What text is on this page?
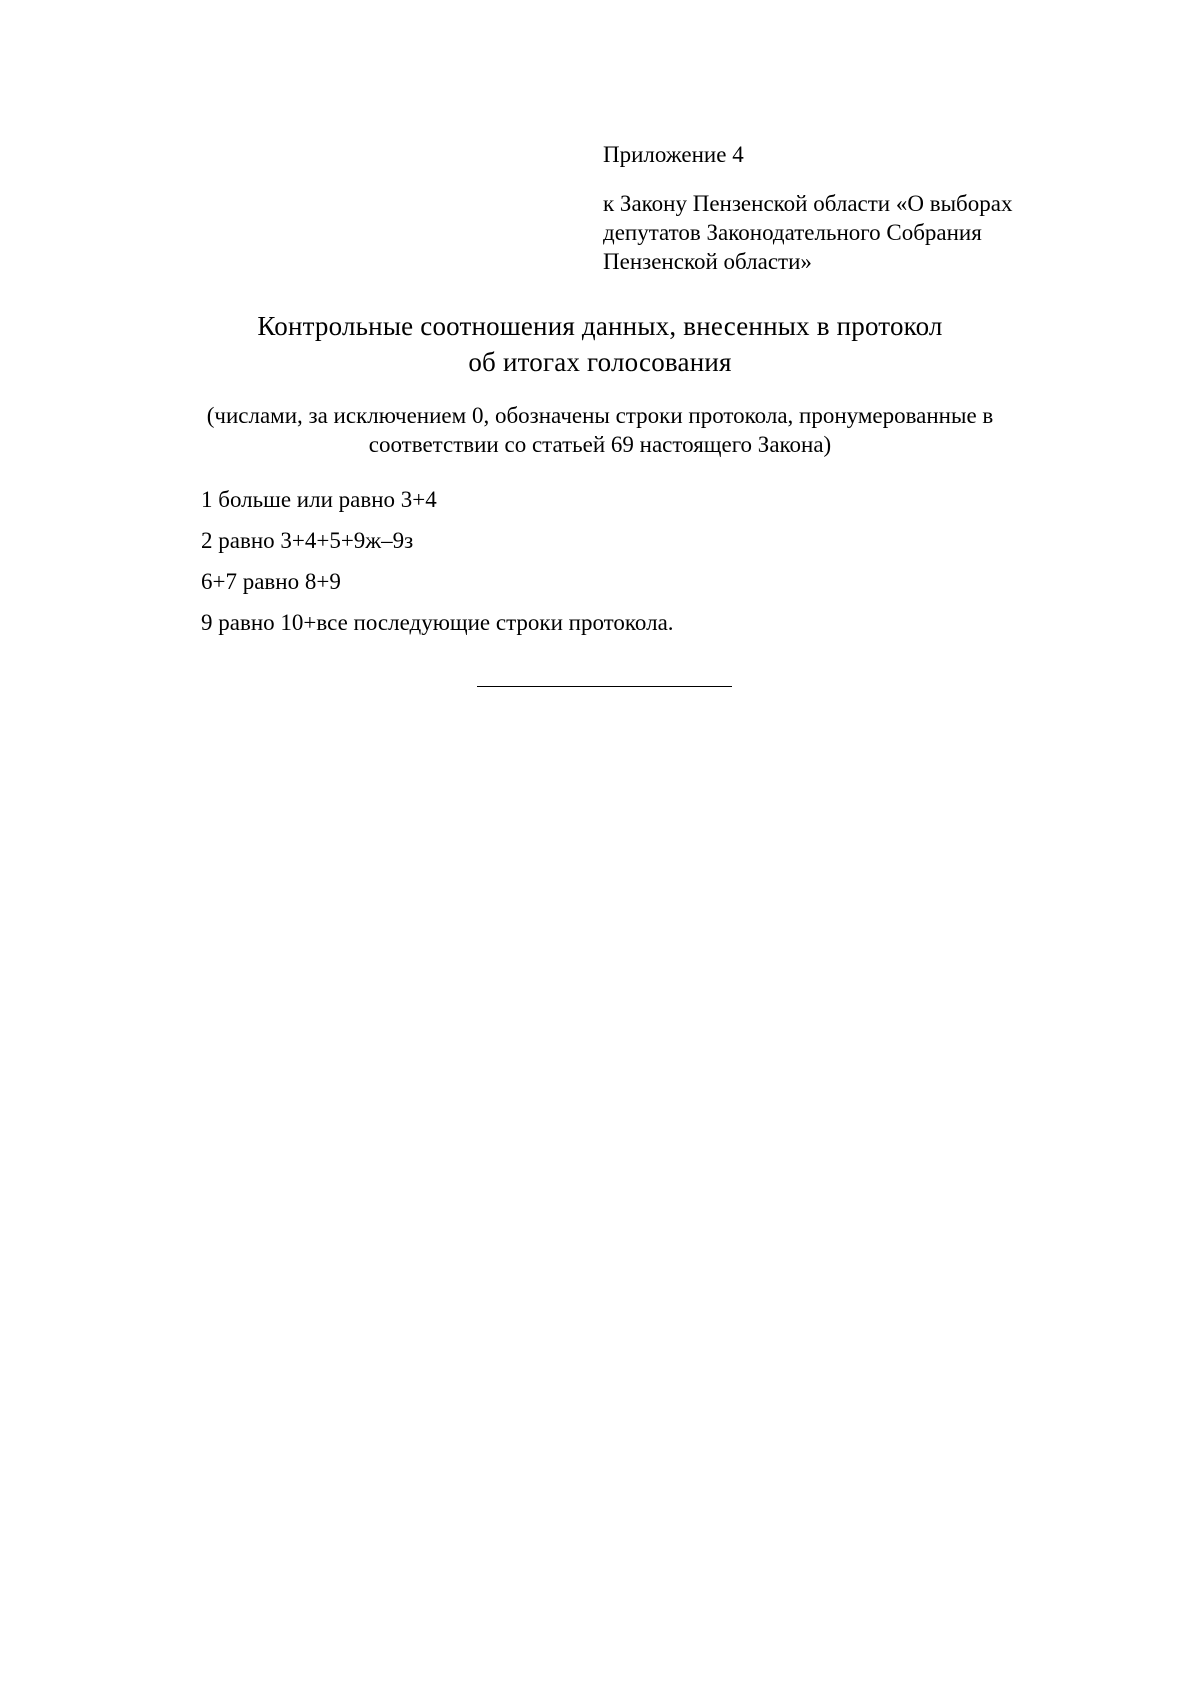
Приложение 4

к Закону Пензенской области «О выборах
депутатов Законодательного Собрания
Пензенской области»

Контрольные соотношения данных, внесенных в протокол
об итогах голосования
(числами, за исключением 0, обозначены строки протокола, пронумерованные в
соответствии со статьей 69 настоящего Закона)
1 больше или равно 3+4
2 равно 3+4+5+9ж–9з
6+7 равно 8+9
9 равно 10+все последующие строки протокола.
